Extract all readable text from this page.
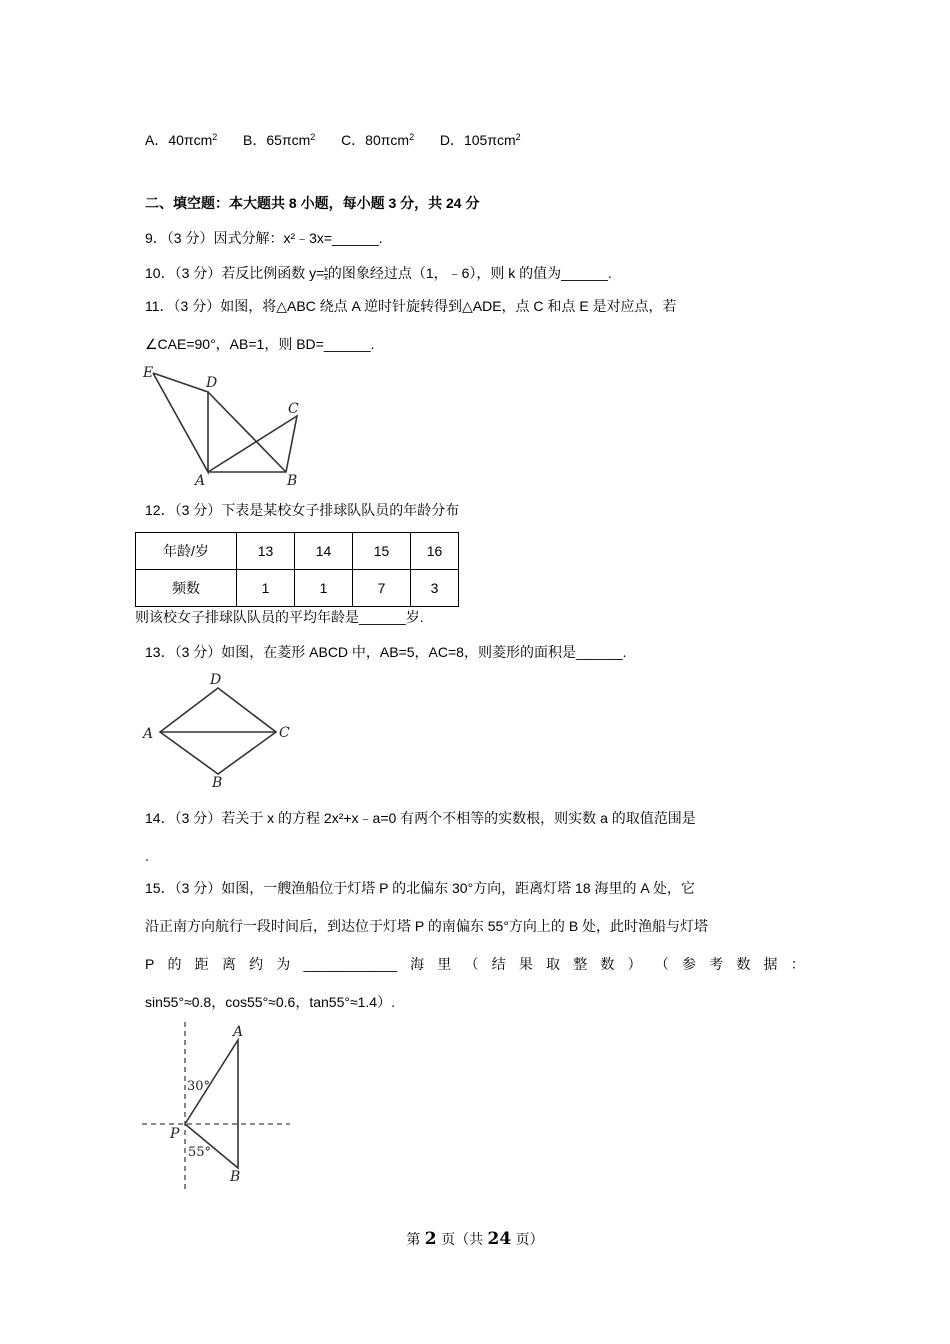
A．40πcm$^2$ B．65πcm$^2$ C．80πcm$^2$ D．105πcm$^2$
二、填空题：本大题共 8 小题，每小题 3 分，共 24 分
9．（3 分）因式分解：x²﹣3x=______.
10．（3 分）若反比例函数 $y= \frac{k}{x}$ 的图象经过点（1，﹣6），则 k 的值为______.
11．（3 分）如图，将△ABC 绕点 A 逆时针旋转得到△ADE，点 C 和点 E 是对应点，若
∠CAE=90°，AB=1，则 BD=______.
E
D
C
A	B
12．（3 分）下表是某校女子排球队队员的年龄分布
年龄/岁	13	14	15	16
频数	1	1	7	3
则该校女子排球队队员的平均年龄是______岁.
13．（3 分）如图，在菱形 ABCD 中，AB=5，AC=8，则菱形的面积是______.
D
A	C
B
14．（3 分）若关于 x 的方程 2x²+x﹣a=0 有两个不相等的实数根，则实数 a 的取值范围是
.
15．（3 分）如图，一艘渔船位于灯塔 P 的北偏东 30°方向，距离灯塔 18 海里的 A 处，它
沿正南方向航行一段时间后，到达位于灯塔 P 的南偏东 55°方向上的 B 处，此时渔船与灯塔
P 的 距 离 约 为 ____________ 海 里 （ 结 果 取 整 数 ） （ 参 考 数 据 ：
sin55°≈0.8，cos55°≈0.6，tan55°≈1.4）.
A
P
B
30°
55°
第 2 页（共 24 页）
